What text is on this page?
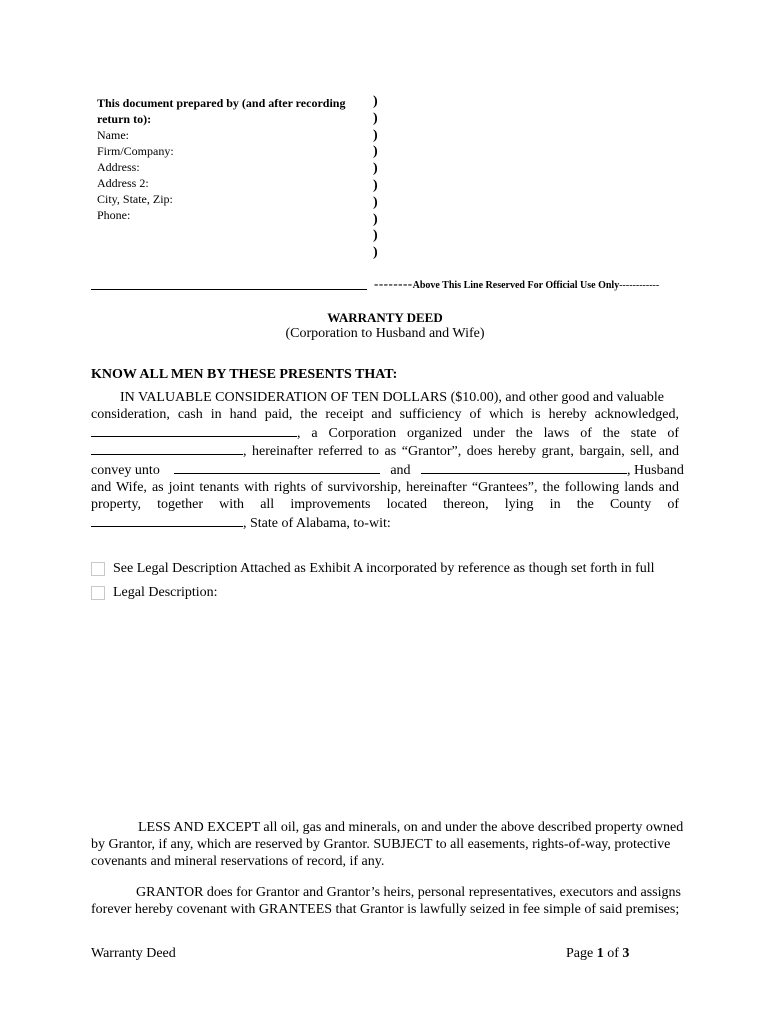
This document prepared by (and after recording return to):
Name:
Firm/Company:
Address:
Address 2:
City, State, Zip:
Phone:
)
)
)
)
)
)
)
)
)
)
--------Above This Line Reserved For Official Use Only------------
WARRANTY DEED
(Corporation to Husband and Wife)
KNOW ALL MEN BY THESE PRESENTS THAT:
IN VALUABLE CONSIDERATION OF TEN DOLLARS ($10.00), and other good and valuable
consideration, cash in hand paid, the receipt and sufficiency of which is hereby acknowledged,
, a Corporation organized under the laws of the state of
, hereinafter referred to as “Grantor”, does hereby grant, bargain, sell, and
convey unto	and	, Husband
and Wife, as joint tenants with rights of survivorship, hereinafter “Grantees”, the following lands and
property, together with all improvements located thereon, lying in the County of
, State of Alabama, to-wit:
See Legal Description Attached as Exhibit A incorporated by reference as though set forth in full
Legal Description:
LESS AND EXCEPT all oil, gas and minerals, on and under the above described property owned
by Grantor, if any, which are reserved by Grantor. SUBJECT to all easements, rights-of-way, protective
covenants and mineral reservations of record, if any.
GRANTOR does for Grantor and Grantor’s heirs, personal representatives, executors and assigns
forever hereby covenant with GRANTEES that Grantor is lawfully seized in fee simple of said premises;
Warranty Deed	Page 1 of 3
